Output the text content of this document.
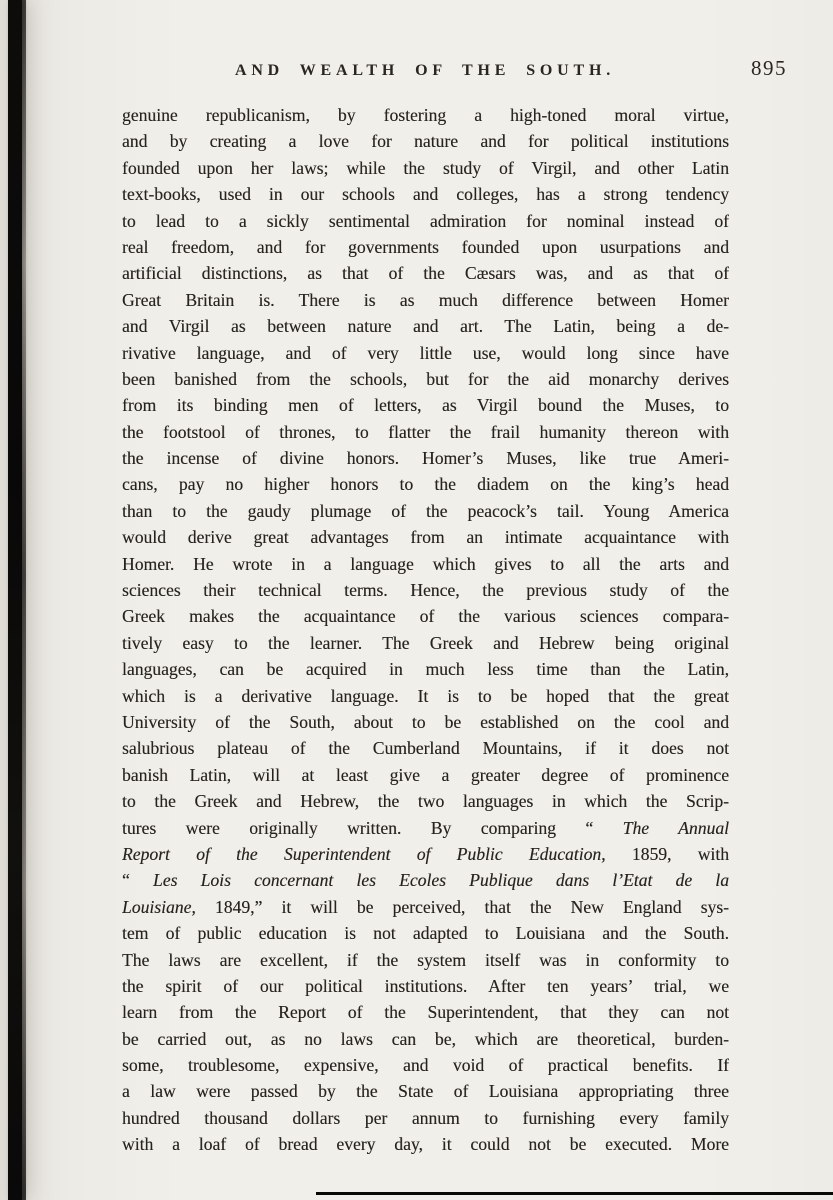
AND WEALTH OF THE SOUTH.	895
genuine republicanism, by fostering a high-toned moral virtue,
and by creating a love for nature and for political institutions
founded upon her laws; while the study of Virgil, and other Latin
text-books, used in our schools and colleges, has a strong tendency
to lead to a sickly sentimental admiration for nominal instead of
real freedom, and for governments founded upon usurpations and
artificial distinctions, as that of the Cæsars was, and as that of
Great Britain is. There is as much difference between Homer
and Virgil as between nature and art. The Latin, being a de-
rivative language, and of very little use, would long since have
been banished from the schools, but for the aid monarchy derives
from its binding men of letters, as Virgil bound the Muses, to
the footstool of thrones, to flatter the frail humanity thereon with
the incense of divine honors. Homer’s Muses, like true Ameri-
cans, pay no higher honors to the diadem on the king’s head
than to the gaudy plumage of the peacock’s tail. Young America
would derive great advantages from an intimate acquaintance with
Homer. He wrote in a language which gives to all the arts and
sciences their technical terms. Hence, the previous study of the
Greek makes the acquaintance of the various sciences compara-
tively easy to the learner. The Greek and Hebrew being original
languages, can be acquired in much less time than the Latin,
which is a derivative language. It is to be hoped that the great
University of the South, about to be established on the cool and
salubrious plateau of the Cumberland Mountains, if it does not
banish Latin, will at least give a greater degree of prominence
to the Greek and Hebrew, the two languages in which the Scrip-
tures were originally written. By comparing “ The Annual
Report of the Superintendent of Public Education, 1859, with
“ Les Lois concernant les Ecoles Publique dans l’Etat de la
Louisiane, 1849,” it will be perceived, that the New England sys-
tem of public education is not adapted to Louisiana and the South.
The laws are excellent, if the system itself was in conformity to
the spirit of our political institutions. After ten years’ trial, we
learn from the Report of the Superintendent, that they can not
be carried out, as no laws can be, which are theoretical, burden-
some, troublesome, expensive, and void of practical benefits. If
a law were passed by the State of Louisiana appropriating three
hundred thousand dollars per annum to furnishing every family
with a loaf of bread every day, it could not be executed. More
